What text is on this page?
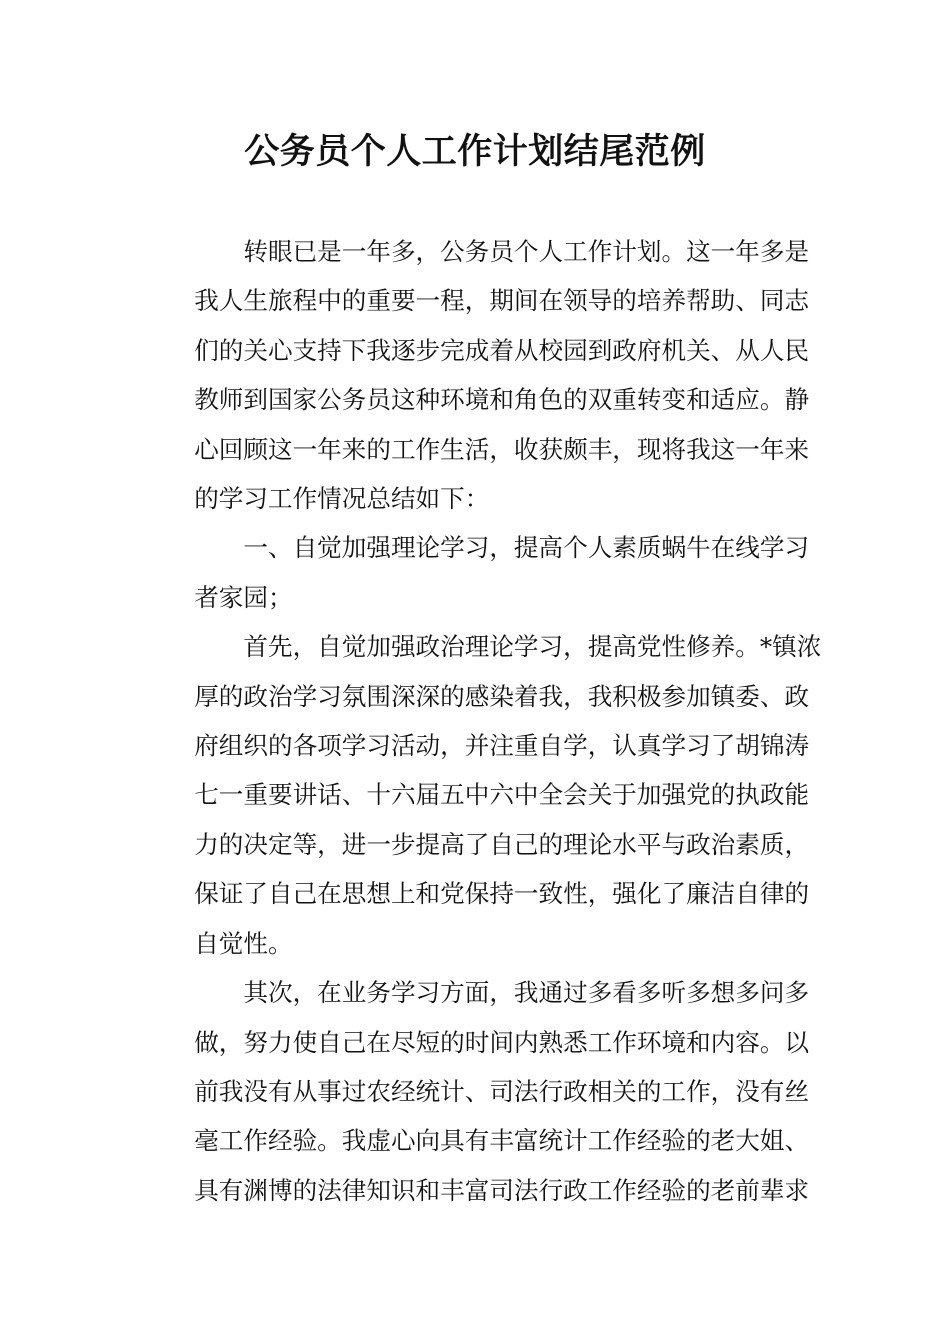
公务员个人工作计划结尾范例
转眼已是一年多，公务员个人工作计划。这一年多是
我人生旅程中的重要一程，期间在领导的培养帮助、同志
们的关心支持下我逐步完成着从校园到政府机关、从人民
教师到国家公务员这种环境和角色的双重转变和适应。静
心回顾这一年来的工作生活，收获颇丰，现将我这一年来
的学习工作情况总结如下：
一、自觉加强理论学习，提高个人素质蜗牛在线学习
者家园；
首先，自觉加强政治理论学习，提高党性修养。*镇浓
厚的政治学习氛围深深的感染着我，我积极参加镇委、政
府组织的各项学习活动，并注重自学，认真学习了胡锦涛
七一重要讲话、十六届五中六中全会关于加强党的执政能
力的决定等，进一步提高了自己的理论水平与政治素质，
保证了自己在思想上和党保持一致性，强化了廉洁自律的
自觉性。
其次，在业务学习方面，我通过多看多听多想多问多
做，努力使自己在尽短的时间内熟悉工作环境和内容。以
前我没有从事过农经统计、司法行政相关的工作，没有丝
毫工作经验。我虚心向具有丰富统计工作经验的老大姐、
具有渊博的法律知识和丰富司法行政工作经验的老前辈求
